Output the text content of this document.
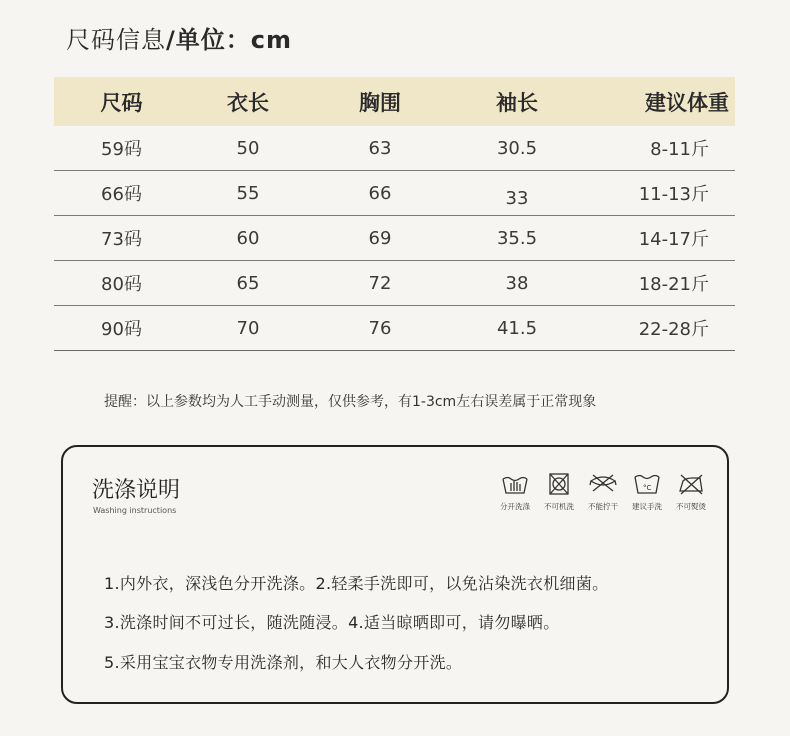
尺码信息/单位：cm
尺码	衣长	胸围	袖长	建议体重
59码	50	63	30.5	8-11斤
66码	55	66	33	11-13斤
73码	60	69	35.5	14-17斤
80码	65	72	38	18-21斤
90码	70	76	41.5	22-28斤
提醒：以上参数均为人工手动测量，仅供参考，有1-3cm左右误差属于正常现象
洗涤说明
Washing instructions	分开洗涤 不可机洗 不能拧干
°C
建议手洗 不可熨烫
1.内外衣，深浅色分开洗涤。2.轻柔手洗即可，以免沾染洗衣机细菌。
3.洗涤时间不可过长，随洗随浸。4.适当晾晒即可，请勿曝晒。
5.采用宝宝衣物专用洗涤剂，和大人衣物分开洗。
